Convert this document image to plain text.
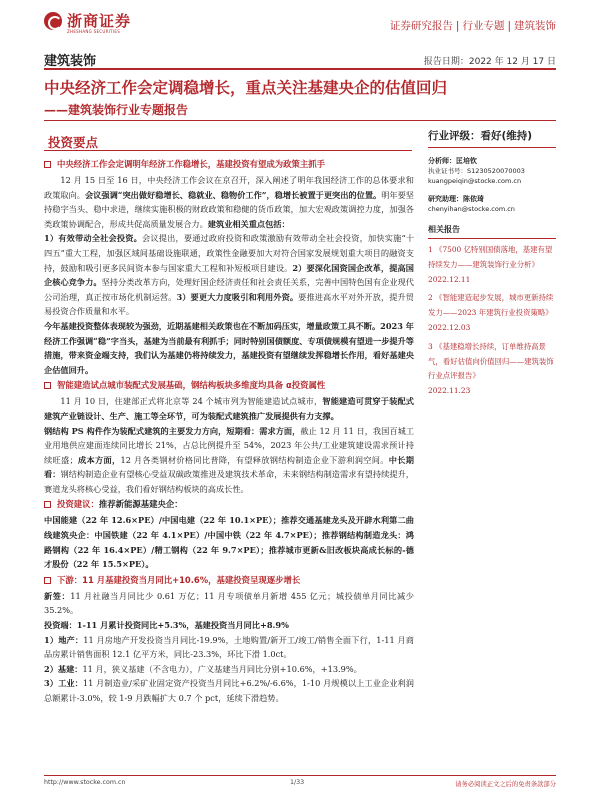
浙商证券
ZHESHANG SECURITIES	证券研究报告 | 行业专题 | 建筑装饰
建筑装饰	报告日期：2022 年 12 月 17 日
中央经济工作会定调稳增长，重点关注基建央企的估值回归
——建筑装饰行业专题报告
投资要点
中央经济工作会定调明年经济工作稳增长，基建投资有望成为政策主抓手

12 月 15 日至 16 日，中央经济工作会议在京召开，深入阐述了明年我国经济工作的总体要求和政策取向。会议强调“突出做好稳增长、稳就业、稳物价工作”，稳增长被置于更突出的位置。明年要坚持稳字当头、稳中求进，继续实施积极的财政政策和稳健的货币政策，加大宏观政策调控力度，加强各类政策协调配合，形成共促高质量发展合力。建筑业相关重点包括：

1）有效带动全社会投资。会议提出，要通过政府投资和政策激励有效带动全社会投资，加快实施“十四五”重大工程，加强区域间基础设施联通，政策性金融要加大对符合国家发展规划重大项目的融资支持，鼓励和吸引更多民间资本参与国家重大工程和补短板项目建设。2）要深化国资国企改革，提高国企核心竞争力。坚持分类改革方向，处理好国企经济责任和社会责任关系，完善中国特色国有企业现代公司治理，真正按市场化机制运营。3）要更大力度吸引和利用外资。要推进高水平对外开放，提升贸易投资合作质量和水平。

今年基建投资整体表现较为强劲，近期基建相关政策也在不断加码压实，增量政策工具不断。2023 年经济工作强调“稳”字当头，基建为当前最有利抓手；同时特别国债额度、专项债规模有望进一步提升等措施，带来资金端支持，我们认为基建仍将持续发力，基建投资有望继续发挥稳增长作用，看好基建央企估值回升。

智能建造试点城市装配式发展基础，钢结构板块多维度均具备 α投资属性

11 月 10 日，住建部正式将北京等 24 个城市列为智能建造试点城市，智能建造可贯穿于装配式建筑产业链设计、生产、施工等全环节，可为装配式建筑推广发展提供有力支撑。

钢结构 PS 构件作为装配式建筑的主要发力方向，短期看：需求方面，截止 12 月 11 日，我国百城工业用地供应建面连续同比增长 21%，占总比例提升至 54%，2023 年公共/工业建筑建设需求预计持续旺盛；成本方面，12 月各类钢材价格同比普降，有望释放钢结构制造企业下游利润空间。中长期看：钢结构制造企业有望核心受益双碳政策推进及建筑技术革命，未来钢结构制造需求有望持续提升，赛道龙头将核心受益，我们看好钢结构板块的高成长性。

投资建议： 推荐新能源基建央企：

中国能建（22 年 12.6×PE）/中国电建（22 年 10.1×PE）；推荐交通基建龙头及开辟水利第二曲线建筑央企：中国铁建（22 年 4.1×PE）/中国中铁（22 年 4.7×PE）；推荐钢结构制造龙头：鸿路钢构（22 年 16.4×PE）/精工钢构（22 年 9.7×PE）；推荐城市更新&旧改板块高成长标的-德才股份（22 年 15.5×PE）。

下游：11 月基建投资当月同比+10.6%，基建投资呈现逐步增长

新签：11 月社融当月同比少 0.61 万亿；11 月专项债单月新增 455 亿元；城投债单月同比减少 35.2%。

投资端：1-11 月累计投资同比+5.3%，基建投资当月同比+8.9%

1）地产：11 月房地产开发投资当月同比-19.9%，土地购置/新开工/竣工/销售全面下行，1-11 月商品房累计销售面积 12.1 亿平方米，同比-23.3%，环比下滑 1.0ct。

2）基建：11 月，狭义基建（不含电力），广义基建当月同比分别+10.6%，+13.9%。

3）工业：11 月制造业/采矿业固定资产投资当月同比+6.2%/-6.6%，1-10 月规模以上工业企业利润总额累计-3.0%，较 1-9 月跌幅扩大 0.7 个 pct，延续下滑趋势。

行业评级：看好(维持)
分析师：匡培钦
执业证书号：S1230520070003
kuangpeiqin@stocke.com.cn
研究助理：陈依琦
chenyihan@stocke.com.cn
相关报告
1 《7500 亿特别国债落地，基建有望持续发力——建筑装饰行业分析》
2022.12.11
2 《智能建造起步发展，城市更新持续发力——2023 年建筑行业投资策略》
2022.12.03
3 《基建稳增长持续，订单维持高景气，看好估值向价值回归——建筑装饰行业点评报告》
2022.11.23
http://www.stocke.com.cn	1/33	请务必阅读正文之后的免责条款部分
